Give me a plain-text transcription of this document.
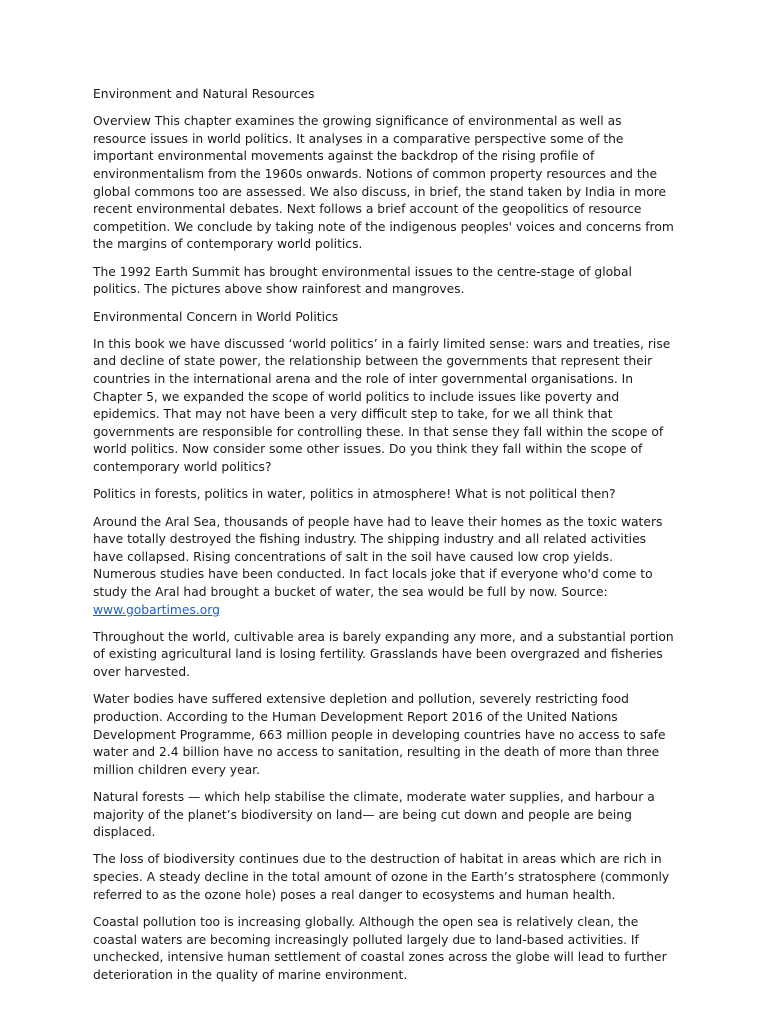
Environment and Natural Resources

Overview This chapter examines the growing significance of environmental as well as resource issues in world politics. It analyses in a comparative perspective some of the important environmental movements against the backdrop of the rising profile of environmentalism from the 1960s onwards. Notions of common property resources and the global commons too are assessed. We also discuss, in brief, the stand taken by India in more recent environmental debates. Next follows a brief account of the geopolitics of resource competition. We conclude by taking note of the indigenous peoples' voices and concerns from the margins of contemporary world politics.

The 1992 Earth Summit has brought environmental issues to the centre-stage of global politics. The pictures above show rainforest and mangroves.

Environmental Concern in World Politics

In this book we have discussed ‘world politics’ in a fairly limited sense: wars and treaties, rise and decline of state power, the relationship between the governments that represent their countries in the international arena and the role of inter governmental organisations. In Chapter 5, we expanded the scope of world politics to include issues like poverty and epidemics. That may not have been a very difficult step to take, for we all think that governments are responsible for controlling these. In that sense they fall within the scope of world politics. Now consider some other issues. Do you think they fall within the scope of contemporary world politics?

Politics in forests, politics in water, politics in atmosphere! What is not political then?

Around the Aral Sea, thousands of people have had to leave their homes as the toxic waters have totally destroyed the fishing industry. The shipping industry and all related activities have collapsed. Rising concentrations of salt in the soil have caused low crop yields. Numerous studies have been conducted. In fact locals joke that if everyone who'd come to study the Aral had brought a bucket of water, the sea would be full by now. Source: www.gobartimes.org

Throughout the world, cultivable area is barely expanding any more, and a substantial portion of existing agricultural land is losing fertility. Grasslands have been overgrazed and fisheries over harvested.

Water bodies have suffered extensive depletion and pollution, severely restricting food production. According to the Human Development Report 2016 of the United Nations Development Programme, 663 million people in developing countries have no access to safe water and 2.4 billion have no access to sanitation, resulting in the death of more than three million children every year.

Natural forests — which help stabilise the climate, moderate water supplies, and harbour a majority of the planet’s biodiversity on land— are being cut down and people are being displaced.

The loss of biodiversity continues due to the destruction of habitat in areas which are rich in species. A steady decline in the total amount of ozone in the Earth’s stratosphere (commonly referred to as the ozone hole) poses a real danger to ecosystems and human health.

Coastal pollution too is increasing globally. Although the open sea is relatively clean, the coastal waters are becoming increasingly polluted largely due to land-based activities. If unchecked, intensive human settlement of coastal zones across the globe will lead to further deterioration in the quality of marine environment.
